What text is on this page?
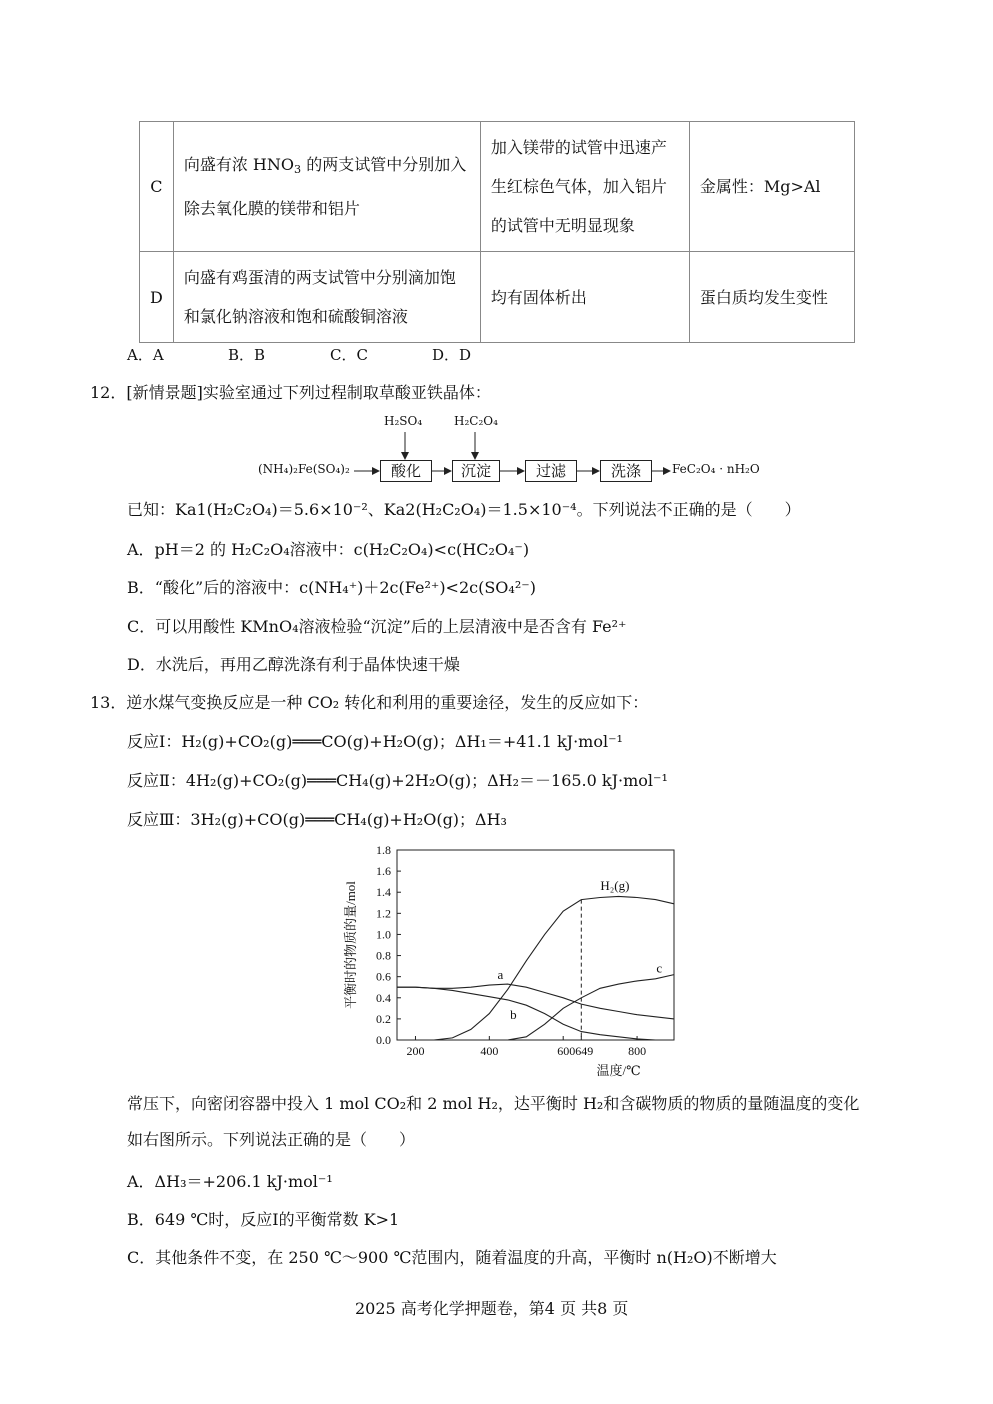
C	向盛有浓 $HNO_3$ 的两支试管中分别加入除去氧化膜的镁带和铝片	加入镁带的试管中迅速产生红棕色气体，加入铝片的试管中无明显现象	金属性：Mg>Al
D	向盛有鸡蛋清的两支试管中分别滴加饱和氯化钠溶液和饱和硫酸铜溶液	均有固体析出	蛋白质均发生变性
A．A	B．B	C．C	D．D
12．[新情景题]实验室通过下列过程制取草酸亚铁晶体：
H₂SO₄	H₂C₂O₄
(NH₄)₂Fe(SO₄)₂	酸化	沉淀	过滤	洗涤	FeC₂O₄ · nH₂O
已知：Ka1(H₂C₂O₄)＝5.6×10⁻²、Ka2(H₂C₂O₄)＝1.5×10⁻⁴。下列说法不正确的是（　　）
A．pH＝2 的 H₂C₂O₄溶液中：c(H₂C₂O₄)<c(HC₂O₄⁻)
B．“酸化”后的溶液中：c(NH₄⁺)＋2c(Fe²⁺)<2c(SO₄²⁻)
C．可以用酸性 KMnO₄溶液检验“沉淀”后的上层清液中是否含有 Fe²⁺
D．水洗后，再用乙醇洗涤有利于晶体快速干燥
13．逆水煤气变换反应是一种 CO₂ 转化和利用的重要途径，发生的反应如下：
反应Ⅰ：H₂(g)+CO₂(g)═══CO(g)+H₂O(g)；ΔH₁＝+41.1 kJ·mol⁻¹
反应Ⅱ：4H₂(g)+CO₂(g)═══CH₄(g)+2H₂O(g)；ΔH₂＝－165.0 kJ·mol⁻¹
反应Ⅲ：3H₂(g)+CO(g)═══CH₄(g)+H₂O(g)；ΔH₃
0.0
0.2
0.4
0.6
0.8
1.0
1.2
1.4
1.6
1.8
200	400	600649	800
H₂(g)
a
b
c
温度/℃
平衡时的物质的量/mol
常压下，向密闭容器中投入 1 mol CO₂和 2 mol H₂，达平衡时 H₂和含碳物质的物质的量随温度的变化
如右图所示。下列说法正确的是（　　）
A．ΔH₃＝+206.1 kJ·mol⁻¹
B．649 ℃时，反应Ⅰ的平衡常数 K>1
C．其他条件不变，在 250 ℃～900 ℃范围内，随着温度的升高，平衡时 n(H₂O)不断增大
2025 高考化学押题卷，第4 页 共8 页
